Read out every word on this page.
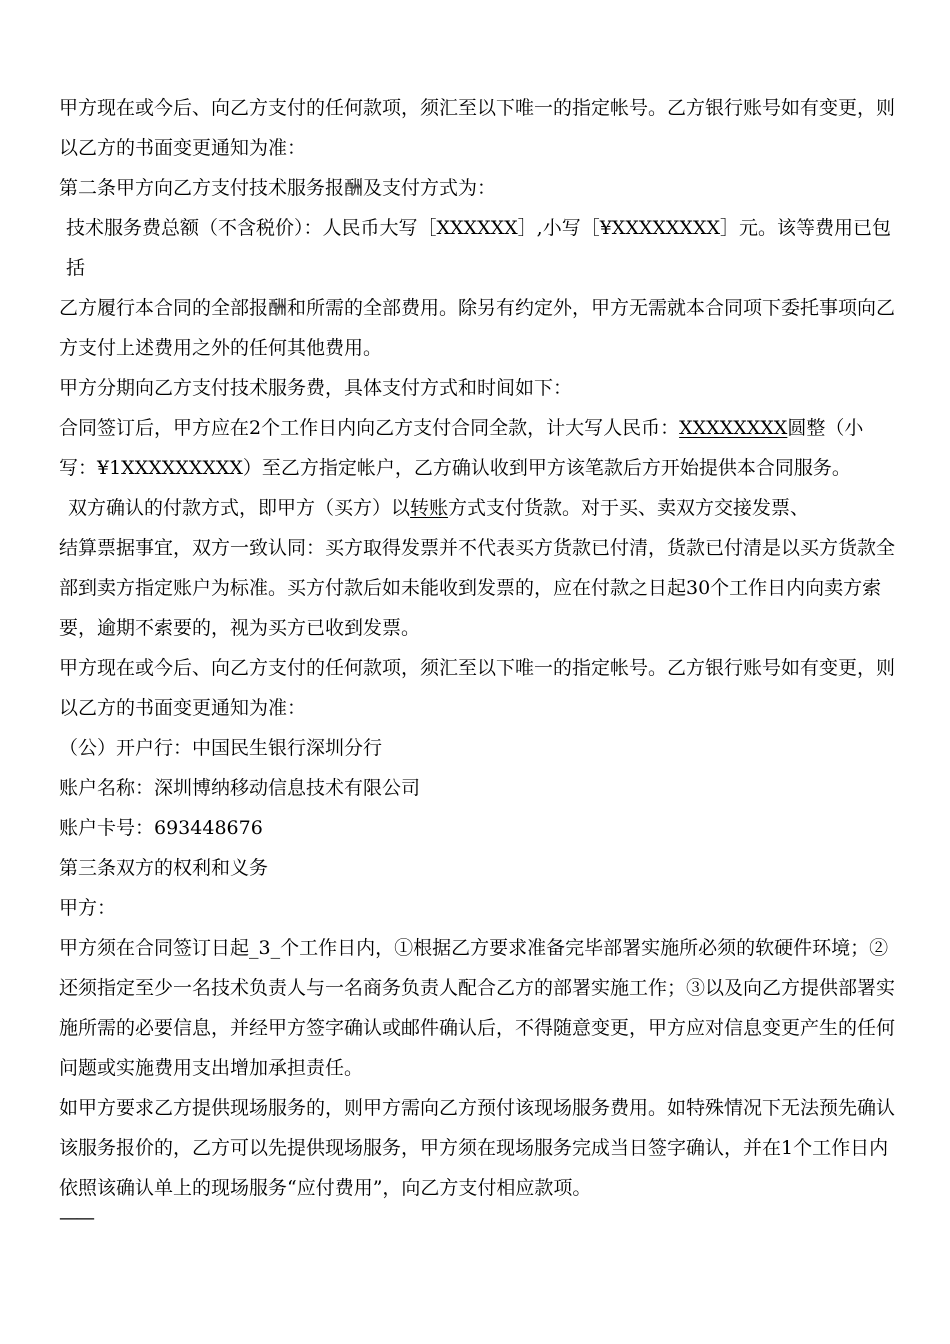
甲方现在或今后、向乙方支付的任何款项，须汇至以下唯一的指定帐号。乙方银行账号如有变更，则以乙方的书面变更通知为准：

第二条甲方向乙方支付技术服务报酬及支付方式为：

技术服务费总额（不含税价）：人民币大写［XXXXXX］,小写［¥XXXXXXXX］元。该等费用已包括

乙方履行本合同的全部报酬和所需的全部费用。除另有约定外，甲方无需就本合同项下委托事项向乙方支付上述费用之外的任何其他费用。

甲方分期向乙方支付技术服务费，具体支付方式和时间如下：

合同签订后，甲方应在2个工作日内向乙方支付合同全款，计大写人民币：XXXXXXXX圆整（小写：¥1XXXXXXXXX）至乙方指定帐户，乙方确认收到甲方该笔款后方开始提供本合同服务。

双方确认的付款方式，即甲方（买方）以转账方式支付货款。对于买、卖双方交接发票、

结算票据事宜，双方一致认同：买方取得发票并不代表买方货款已付清，货款已付清是以买方货款全部到卖方指定账户为标准。买方付款后如未能收到发票的，应在付款之日起30个工作日内向卖方索要，逾期不索要的，视为买方已收到发票。

甲方现在或今后、向乙方支付的任何款项，须汇至以下唯一的指定帐号。乙方银行账号如有变更，则以乙方的书面变更通知为准：

（公）开户行：中国民生银行深圳分行

账户名称：深圳博纳移动信息技术有限公司

账户卡号：693448676

第三条双方的权利和义务

甲方：

甲方须在合同签订日起_3_个工作日内，①根据乙方要求准备完毕部署实施所必须的软硬件环境；②还须指定至少一名技术负责人与一名商务负责人配合乙方的部署实施工作；③以及向乙方提供部署实施所需的必要信息，并经甲方签字确认或邮件确认后，不得随意变更，甲方应对信息变更产生的任何问题或实施费用支出增加承担责任。

如甲方要求乙方提供现场服务的，则甲方需向乙方预付该现场服务费用。如特殊情况下无法预先确认该服务报价的，乙方可以先提供现场服务，甲方须在现场服务完成当日签字确认，并在1个工作日内依照该确认单上的现场服务“应付费用”，向乙方支付相应款项。

——
